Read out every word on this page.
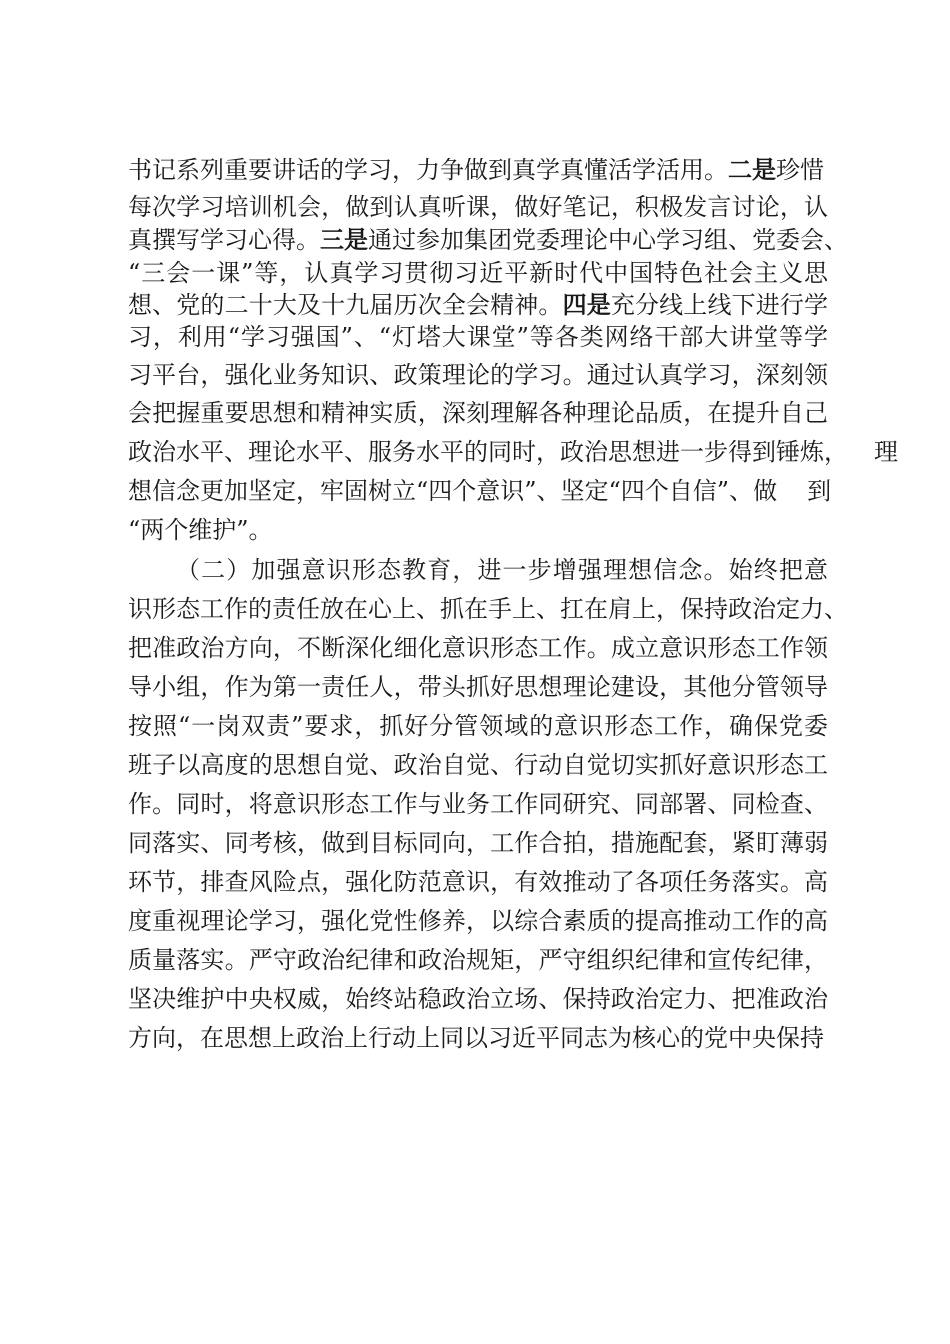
书记系列重要讲话的学习，力争做到真学真懂活学活用。二是珍惜
每次学习培训机会，做到认真听课，做好笔记，积极发言讨论，认
真撰写学习心得。三是通过参加集团党委理论中心学习组、党委会、
“三会一课”等，认真学习贯彻习近平新时代中国特色社会主义思
想、党的二十大及十九届历次全会精神。四是充分线上线下进行学
习，利用“学习强国”、“灯塔大课堂”等各类网络干部大讲堂等学
习平台，强化业务知识、政策理论的学习。通过认真学习，深刻领
会把握重要思想和精神实质，深刻理解各种理论品质，在提升自己
政治水平、理论水平、服务水平的同时，政治思想进一步得到锤炼， 理
想信念更加坚定，牢固树立“四个意识”、坚定“四个自信”、做 到
“两个维护”。
（二）加强意识形态教育，进一步增强理想信念。始终把意
识形态工作的责任放在心上、抓在手上、扛在肩上，保持政治定力、
把准政治方向，不断深化细化意识形态工作。成立意识形态工作领
导小组，作为第一责任人，带头抓好思想理论建设，其他分管领导
按照“一岗双责”要求，抓好分管领域的意识形态工作，确保党委
班子以高度的思想自觉、政治自觉、行动自觉切实抓好意识形态工
作。同时，将意识形态工作与业务工作同研究、同部署、同检查、
同落实、同考核，做到目标同向，工作合拍，措施配套，紧盯薄弱
环节，排查风险点，强化防范意识，有效推动了各项任务落实。高
度重视理论学习，强化党性修养，以综合素质的提高推动工作的高
质量落实。严守政治纪律和政治规矩，严守组织纪律和宣传纪律，
坚决维护中央权威，始终站稳政治立场、保持政治定力、把准政治
方向，在思想上政治上行动上同以习近平同志为核心的党中央保持
